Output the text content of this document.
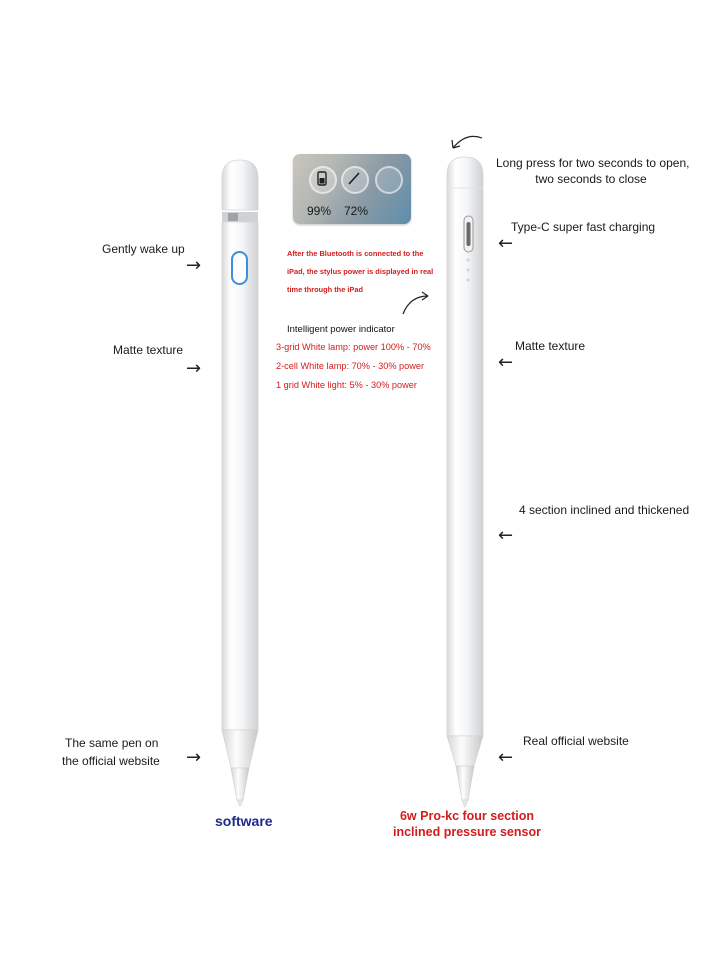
99% 72%
After the Bluetooth is connected to the
iPad, the stylus power is displayed in real
time through the iPad
Intelligent power indicator
3-grid White lamp: power 100% - 70%
2-cell White lamp: 70% - 30% power
1 grid White light: 5% - 30% power
Gently wake up
→
Matte texture
→
The same pen on
the official website →
Long press for two seconds to open,
two seconds to close
Type-C super fast charging
←
Matte texture
←
4 section inclined and thickened
←
Real official website
←
software	6w Pro-kc four section
inclined pressure sensor
